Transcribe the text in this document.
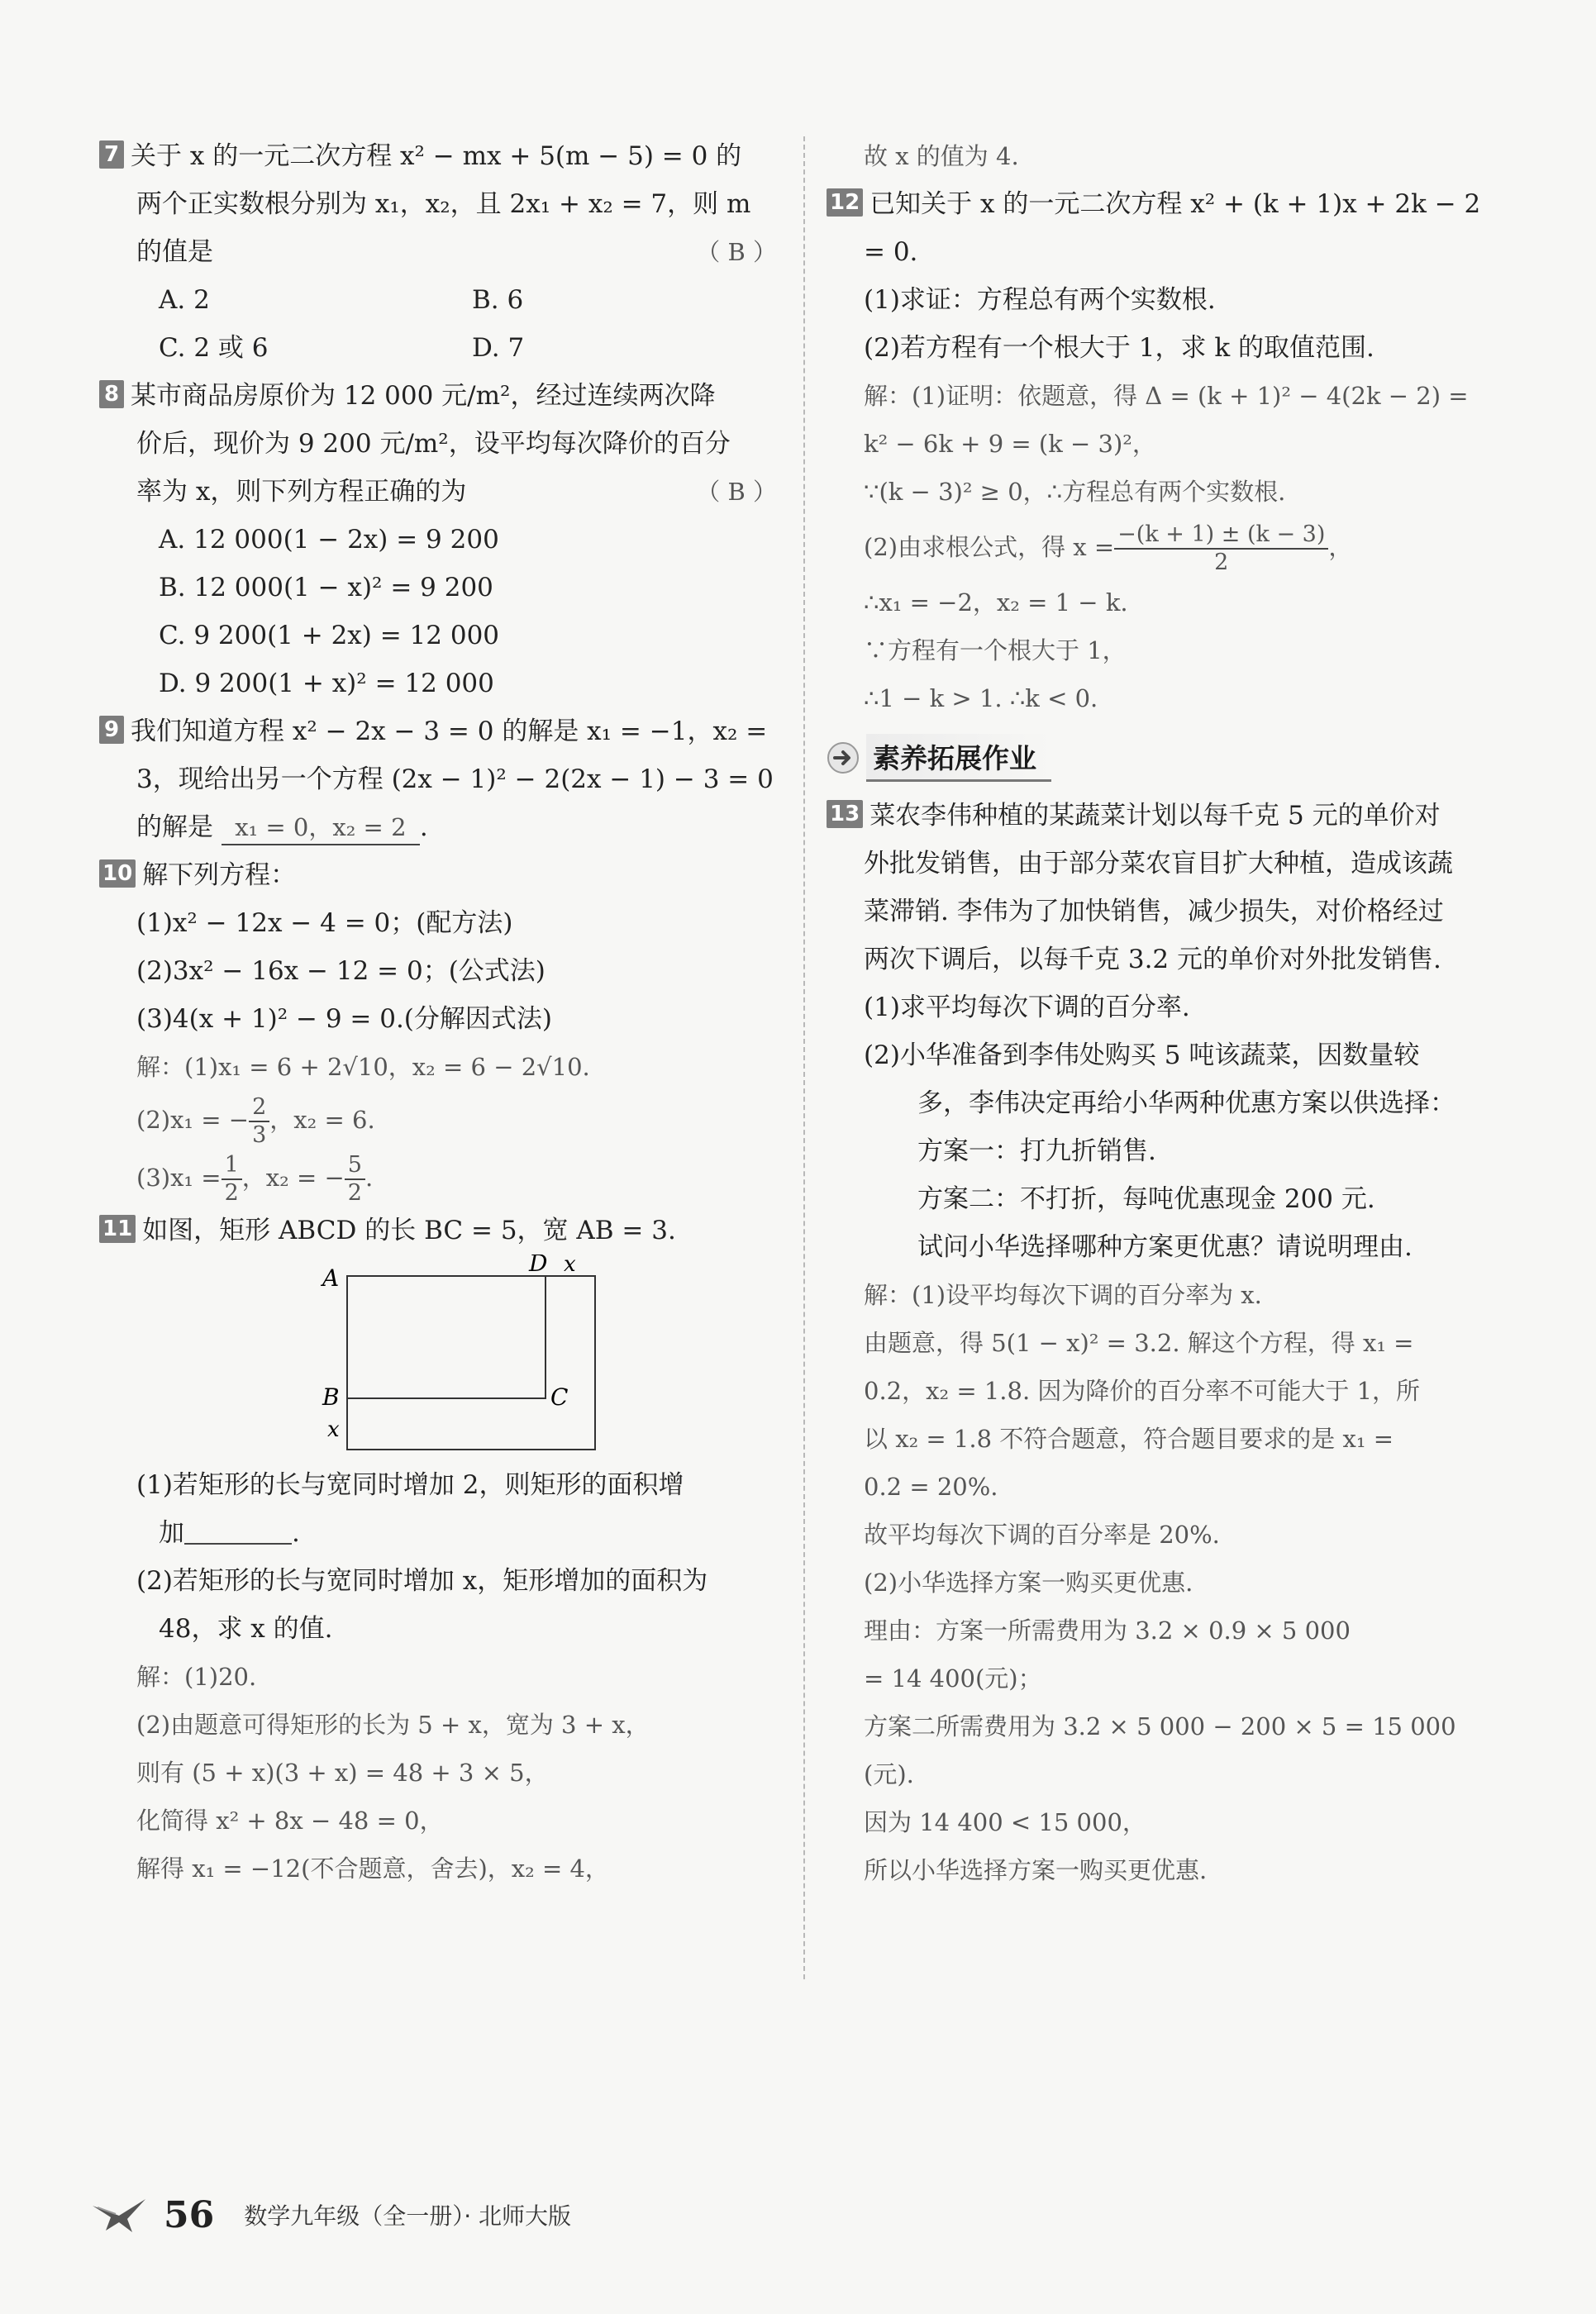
7 关于 x 的一元二次方程 x² − mx + 5(m − 5) = 0 的
两个正实数根分别为 x₁，x₂，且 2x₁ + x₂ = 7，则 m
的值是	（ B ）
A. 2	B. 6
C. 2 或 6	D. 7
8 某市商品房原价为 12 000 元/m²，经过连续两次降
价后，现价为 9 200 元/m²，设平均每次降价的百分
率为 x，则下列方程正确的为	（ B ）
A. 12 000(1 − 2x) = 9 200
B. 12 000(1 − x)² = 9 200
C. 9 200(1 + 2x) = 12 000
D. 9 200(1 + x)² = 12 000
9 我们知道方程 x² − 2x − 3 = 0 的解是 x₁ = −1，x₂ =
3，现给出另一个方程 (2x − 1)² − 2(2x − 1) − 3 = 0
的解是 x₁ = 0，x₂ = 2 .
10 解下列方程：
(1)x² − 12x − 4 = 0；(配方法)
(2)3x² − 16x − 12 = 0；(公式法)
(3)4(x + 1)² − 9 = 0.(分解因式法)
解：(1)x₁ = 6 + 2√10，x₂ = 6 − 2√10.
(2)x₁ = − $\frac{2}{3}$ ，x₂ = 6.
$(3)x_1 = \frac{1}{2}$ ，x₂ = − $\frac{5}{2}$ .
11 如图，矩形 ABCD 的长 BC = 5，宽 AB = 3.
A
B	C
D x
x
(1)若矩形的长与宽同时增加 2，则矩形的面积增
加	.
(2)若矩形的长与宽同时增加 x，矩形增加的面积为
48，求 x 的值.
解：(1)20.
(2)由题意可得矩形的长为 5 + x，宽为 3 + x，
则有 (5 + x)(3 + x) = 48 + 3 × 5，
化简得 x² + 8x − 48 = 0，
解得 x₁ = −12(不合题意，舍去)，x₂ = 4，
故 x 的值为 4.
12 已知关于 x 的一元二次方程 x² + (k + 1)x + 2k − 2
= 0.
(1)求证：方程总有两个实数根.
(2)若方程有一个根大于 1，求 k 的取值范围.
解：(1)证明：依题意，得 Δ = (k + 1)² − 4(2k − 2) =
k² − 6k + 9 = (k − 3)²，
∵(k − 3)² ≥ 0，∴方程总有两个实数根.
(2)由求根公式，得 $x = \frac{-(k + 1) \pm (k - 3)}{2}$ ，
∴x₁ = −2，x₂ = 1 − k.
∵方程有一个根大于 1，
∴1 − k > 1. ∴k < 0.
素养拓展作业
13 菜农李伟种植的某蔬菜计划以每千克 5 元的单价对
外批发销售，由于部分菜农盲目扩大种植，造成该蔬
菜滞销. 李伟为了加快销售，减少损失，对价格经过
两次下调后，以每千克 3.2 元的单价对外批发销售.
(1)求平均每次下调的百分率.
(2)小华准备到李伟处购买 5 吨该蔬菜，因数量较
多，李伟决定再给小华两种优惠方案以供选择：
方案一：打九折销售.
方案二：不打折，每吨优惠现金 200 元.
试问小华选择哪种方案更优惠？请说明理由.
解：(1)设平均每次下调的百分率为 x.
由题意，得 5(1 − x)² = 3.2. 解这个方程，得 x₁ =
0.2，x₂ = 1.8. 因为降价的百分率不可能大于 1，所
以 x₂ = 1.8 不符合题意，符合题目要求的是 x₁ =
0.2 = 20%.
故平均每次下调的百分率是 20%.
(2)小华选择方案一购买更优惠.
理由：方案一所需费用为 3.2 × 0.9 × 5 000
= 14 400(元)；
方案二所需费用为 3.2 × 5 000 − 200 × 5 = 15 000
(元).
因为 14 400 < 15 000，
所以小华选择方案一购买更优惠.
56 数学九年级（全一册）· 北师大版
